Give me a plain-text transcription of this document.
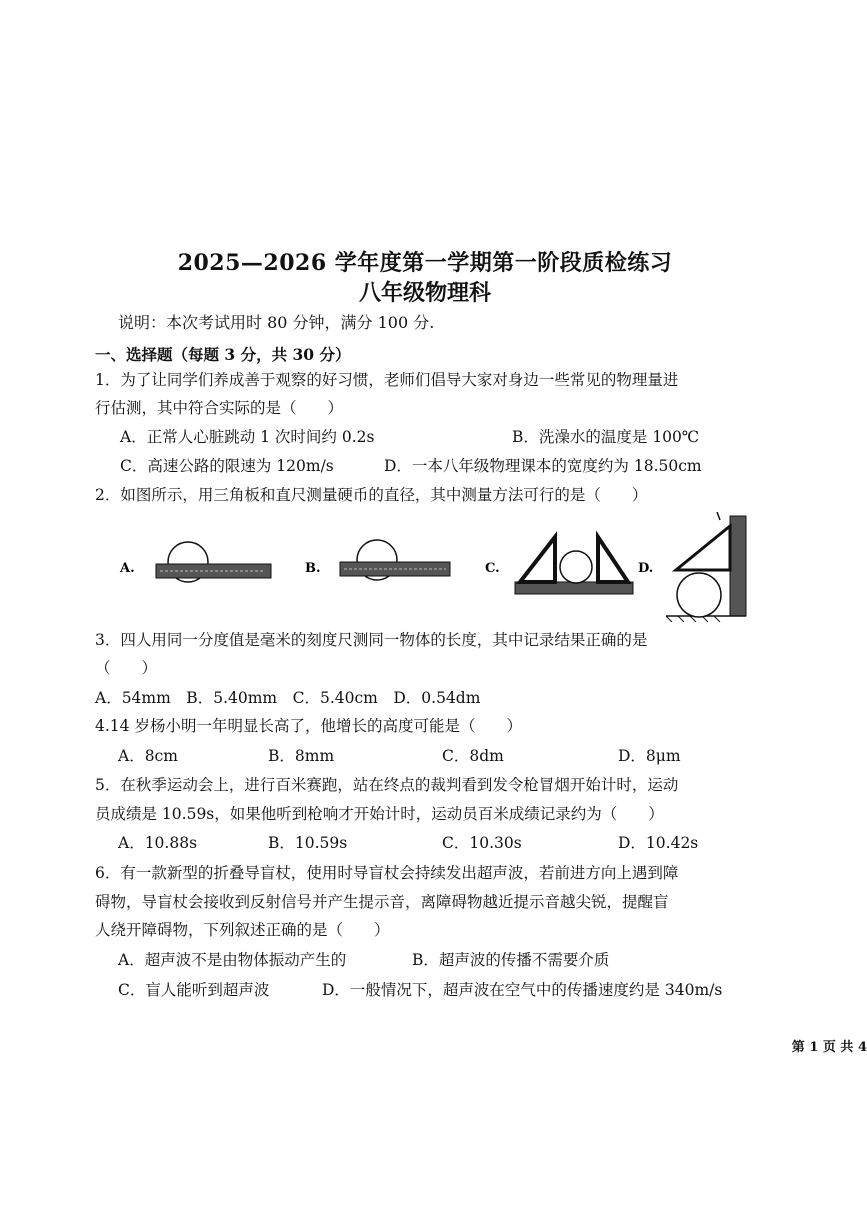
2025—2026 学年度第一学期第一阶段质检练习
八年级物理科
说明：本次考试用时 80 分钟，满分 100 分.
一、选择题（每题 3 分，共 30 分）
1．为了让同学们养成善于观察的好习惯，老师们倡导大家对身边一些常见的物理量进
行估测，其中符合实际的是（　　）
A．正常人心脏跳动 1 次时间约 0.2s	B．洗澡水的温度是 100℃
C．高速公路的限速为 120m/s	D．一本八年级物理课本的宽度约为 18.50cm
2．如图所示，用三角板和直尺测量硬币的直径，其中测量方法可行的是（　　）
A.	B.	C.	D.
3．四人用同一分度值是毫米的刻度尺测同一物体的长度，其中记录结果正确的是
（　　）
A．54mm　B．5.40mm　C．5.40cm　D．0.54dm
4.14 岁杨小明一年明显长高了，他增长的高度可能是（　　）
A．8cm	B．8mm	C．8dm	D．8μm
5．在秋季运动会上，进行百米赛跑，站在终点的裁判看到发令枪冒烟开始计时，运动
员成绩是 10.59s，如果他听到枪响才开始计时，运动员百米成绩记录约为（　　）
A．10.88s	B．10.59s	C．10.30s	D．10.42s
6．有一款新型的折叠导盲杖，使用时导盲杖会持续发出超声波，若前进方向上遇到障
碍物，导盲杖会接收到反射信号并产生提示音，离障碍物越近提示音越尖锐，提醒盲
人绕开障碍物，下列叙述正确的是（　　）
A．超声波不是由物体振动产生的	B．超声波的传播不需要介质
C．盲人能听到超声波	D．一般情况下，超声波在空气中的传播速度约是 340m/s
第 1 页 共 4
